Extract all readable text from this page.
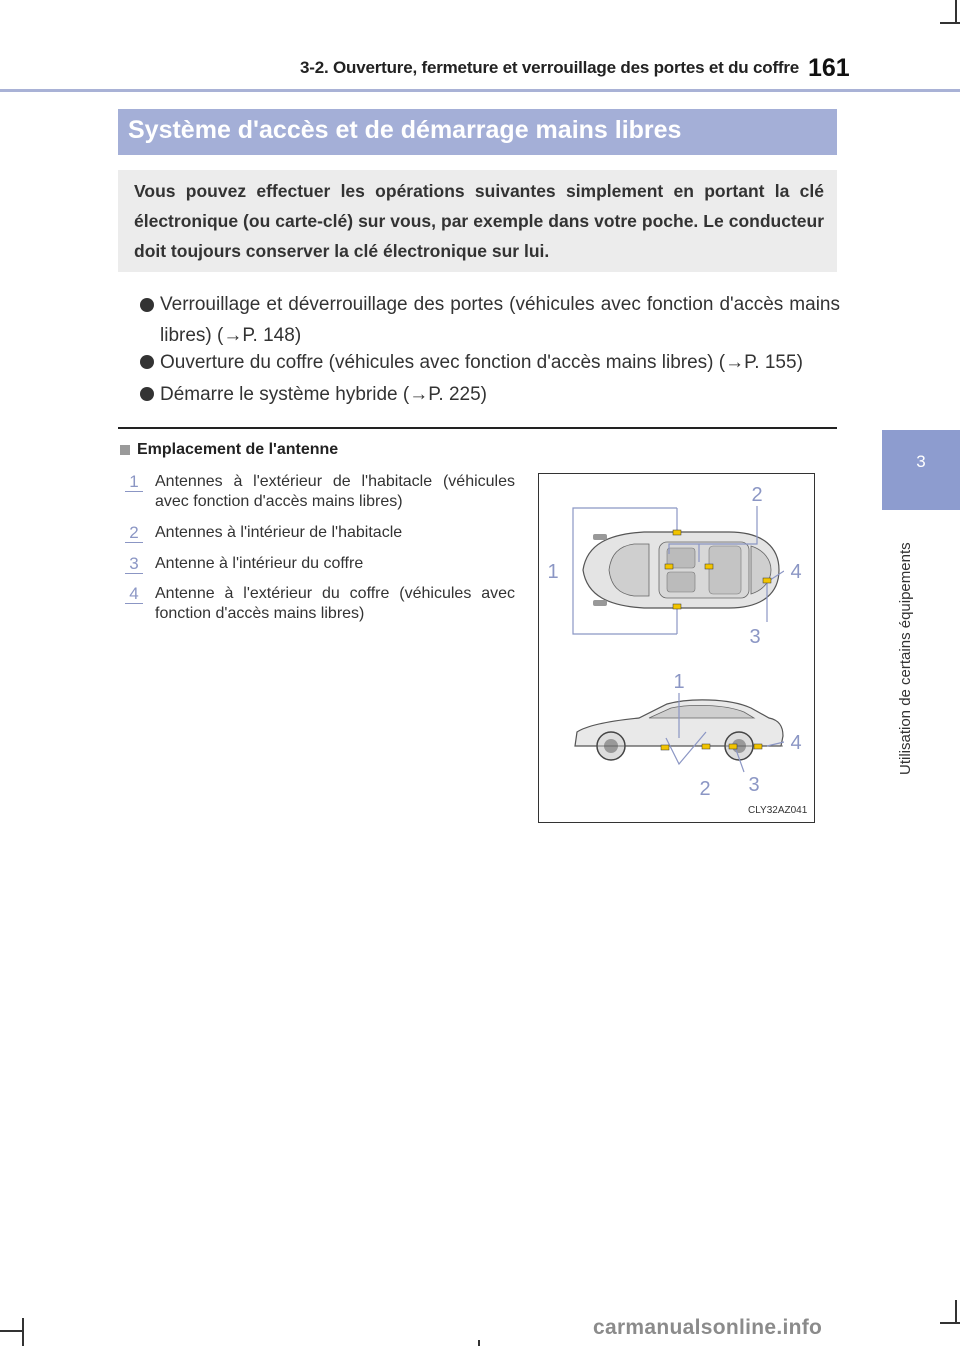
3-2. Ouverture, fermeture et verrouillage des portes et du coffre 161
3
Utilisation de certains équipements
Système d'accès et de démarrage mains libres
Vous pouvez effectuer les opérations suivantes simplement en portant la clé électronique (ou carte-clé) sur vous, par exemple dans votre poche. Le conducteur doit toujours conserver la clé électronique sur lui.
Verrouillage et déverrouillage des portes (véhicules avec fonction d'accès mains libres) (→P. 148)
Ouverture du coffre (véhicules avec fonction d'accès mains libres) (→P. 155)
Démarre le système hybride (→P. 225)
Emplacement de l'antenne
1 Antennes à l'extérieur de l'habitacle (véhicules avec fonction d'accès mains libres)
2 Antennes à l'intérieur de l'habitacle
3 Antenne à l'intérieur du coffre
4 Antenne à l'extérieur du coffre (véhicules avec fonction d'accès mains libres)
1
2
3
4
1
2 3
4
CLY32AZ041
carmanualsonline.info
